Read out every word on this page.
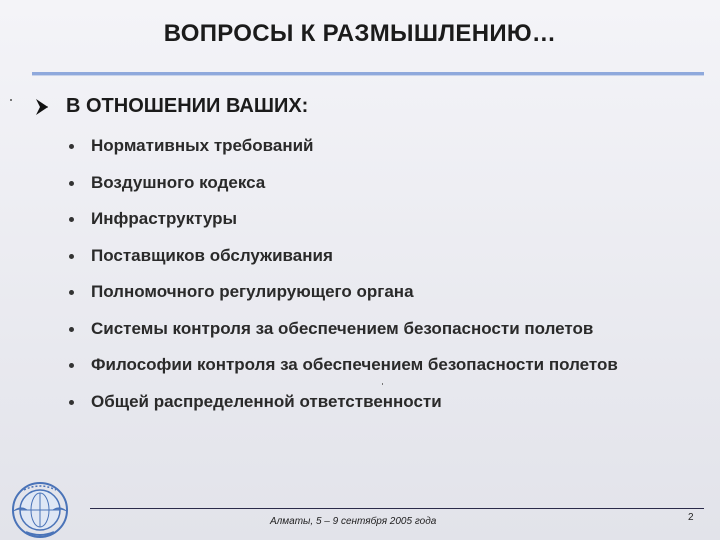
ВОПРОСЫ К РАЗМЫШЛЕНИЮ…
В ОТНОШЕНИИ ВАШИХ:
Нормативных требований
Воздушного кодекса
Инфраструктуры
Поставщиков обслуживания
Полномочного регулирующего органа
Системы контроля за обеспечением безопасности полетов
Философии контроля за обеспечением безопасности полетов
Общей распределенной ответственности
Алматы, 5 – 9 сентября 2005 года	2
